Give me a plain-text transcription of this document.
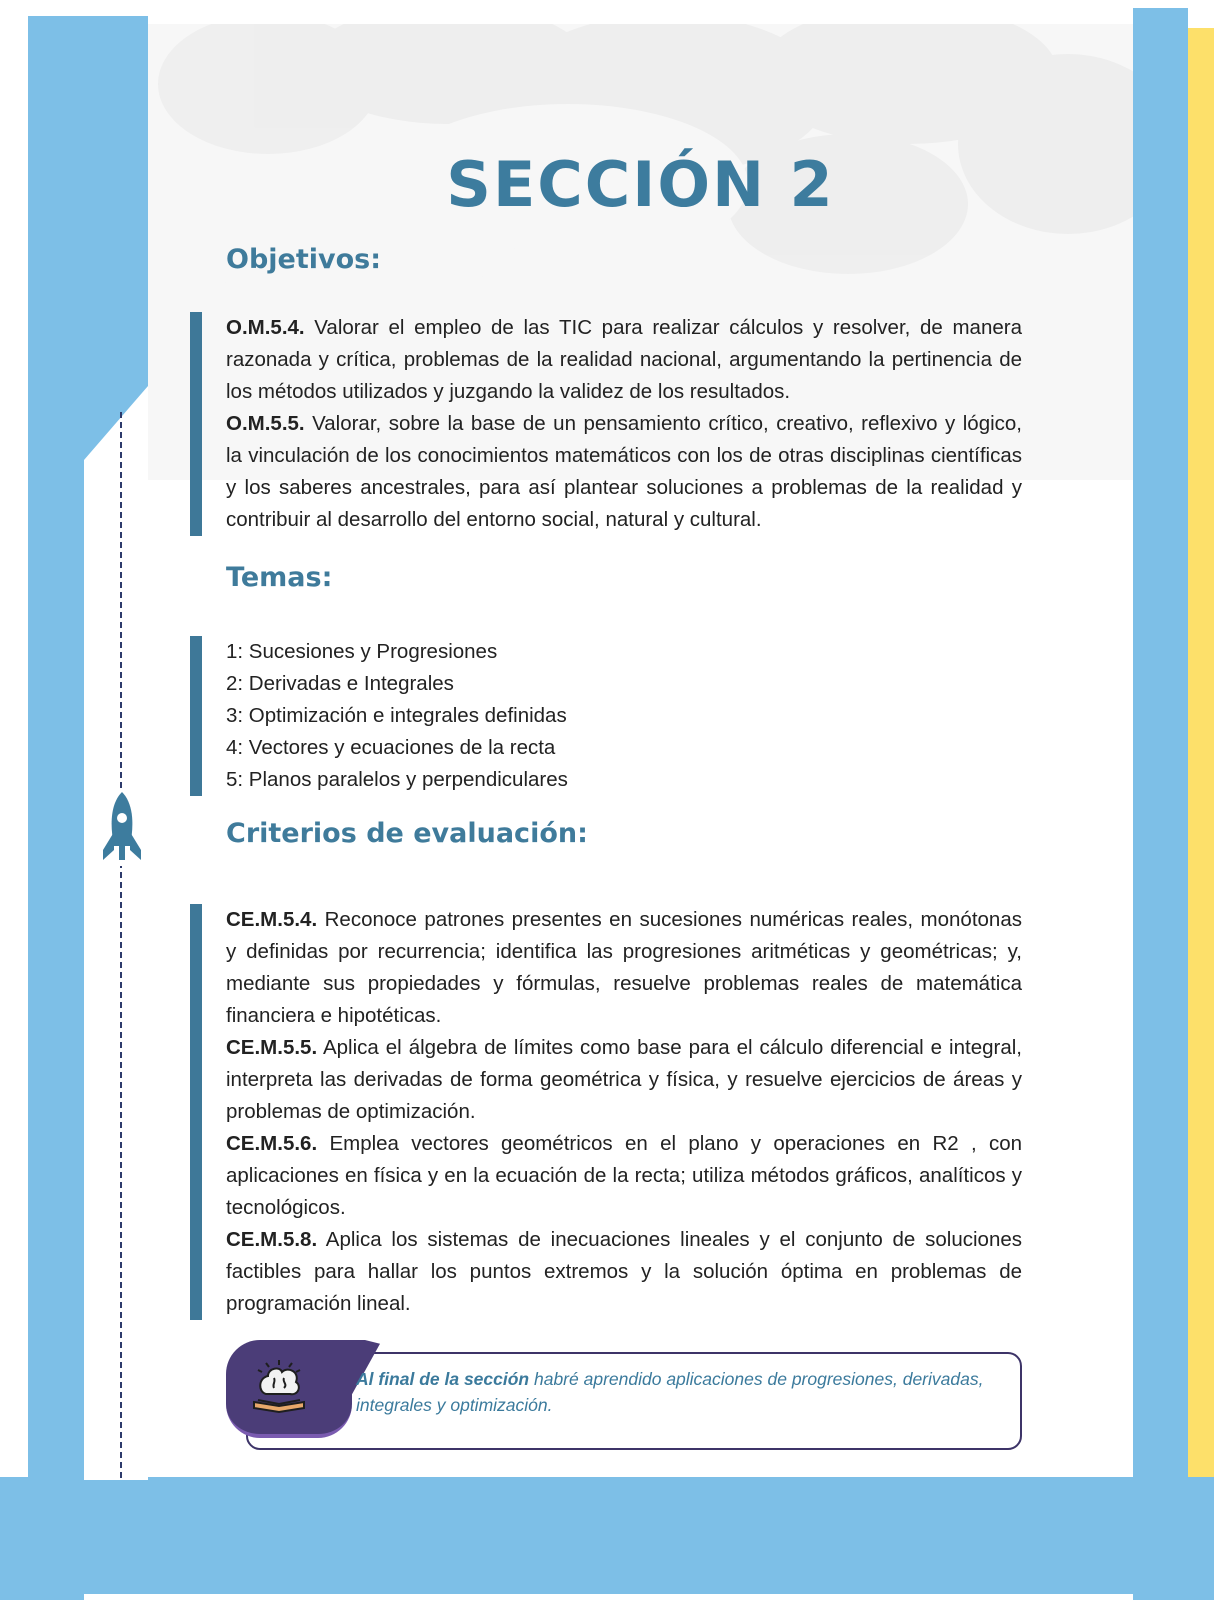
SECCIÓN 2
Objetivos:

O.M.5.4. Valorar el empleo de las TIC para realizar cálculos y resolver, de manera razonada y crítica, problemas de la realidad nacional, argumentando la pertinencia de los métodos utilizados y juzgando la validez de los resultados.

O.M.5.5. Valorar, sobre la base de un pensamiento crítico, creativo, reflexivo y lógico, la vinculación de los conocimientos matemáticos con los de otras disciplinas científicas y los saberes ancestrales, para así plantear soluciones a problemas de la realidad y contribuir al desarrollo del entorno social, natural y cultural.

Temas:
1: Sucesiones y Progresiones
2: Derivadas e Integrales
3: Optimización e integrales definidas
4: Vectores y ecuaciones de la recta
5: Planos paralelos y perpendiculares
Criterios de evaluación:

CE.M.5.4. Reconoce patrones presentes en sucesiones numéricas reales, monótonas y definidas por recurrencia; identifica las progresiones aritméticas y geométricas; y, mediante sus propiedades y fórmulas, resuelve problemas reales de matemática financiera e hipotéticas.

CE.M.5.5. Aplica el álgebra de límites como base para el cálculo diferencial e integral, interpreta las derivadas de forma geométrica y física, y resuelve ejercicios de áreas y problemas de optimización.

CE.M.5.6. Emplea vectores geométricos en el plano y operaciones en R2 , con aplicaciones en física y en la ecuación de la recta; utiliza métodos gráficos, analíticos y tecnológicos.

CE.M.5.8. Aplica los sistemas de inecuaciones lineales y el conjunto de soluciones factibles para hallar los puntos extremos y la solución óptima en problemas de programación lineal.

Al final de la sección habré aprendido aplicaciones de progresiones, derivadas, integrales y optimización.
